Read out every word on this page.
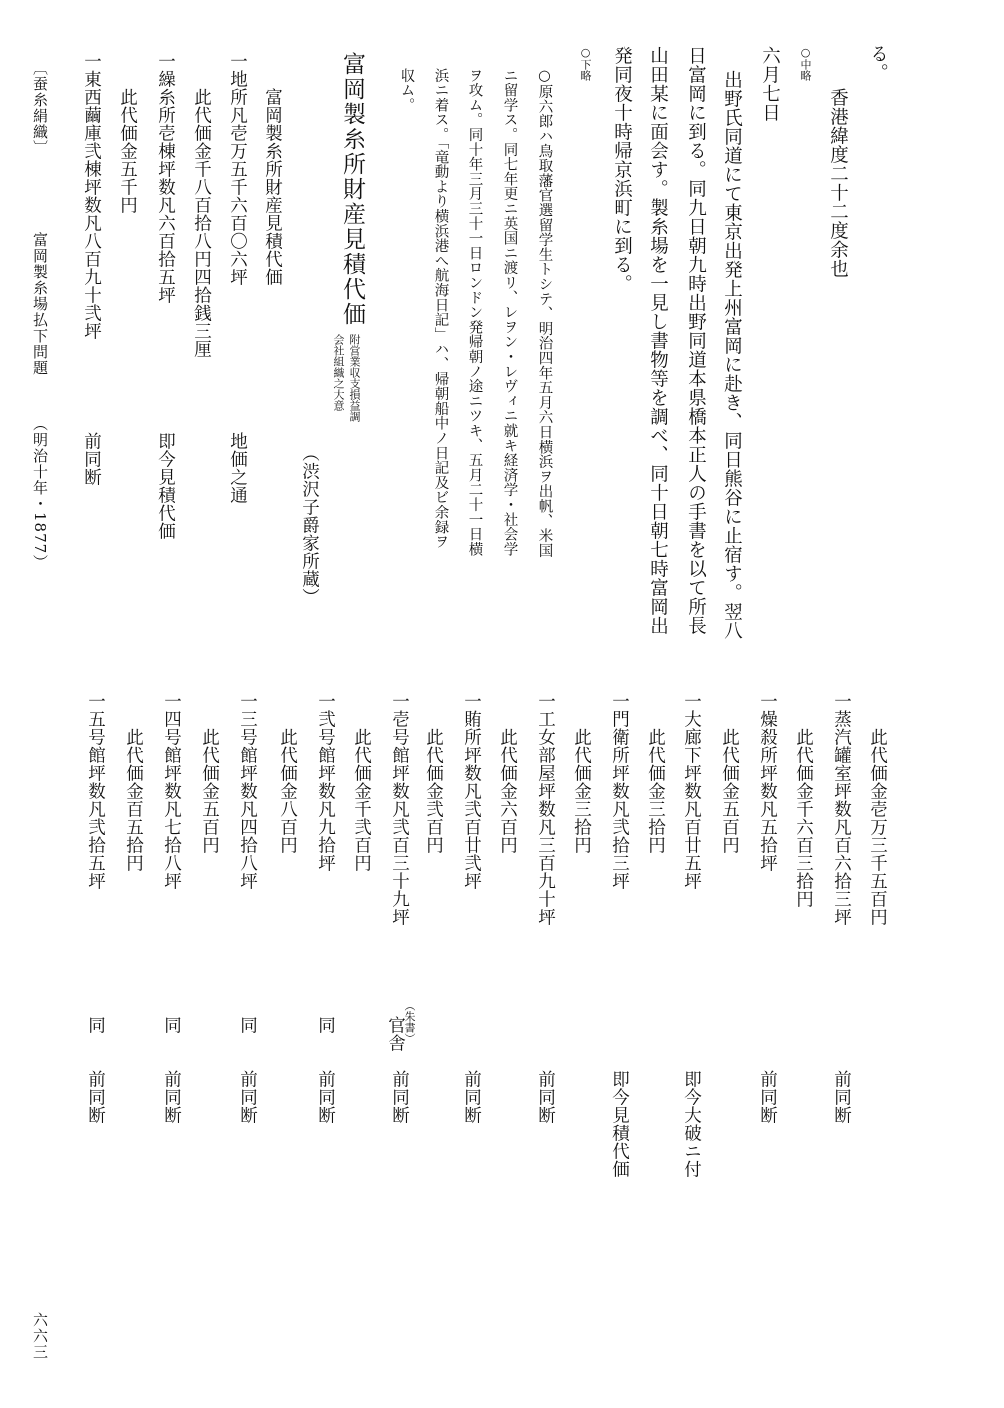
る。
香港緯度二十二度余也
○中略
六月七日
出野氏同道にて東京出発上州富岡に赴き、同日熊谷に止宿す。翌八
日富岡に到る。同九日朝九時出野同道本県橋本正人の手書を以て所長
山田某に面会す。製糸場を一見し書物等を調べ、同十日朝七時富岡出
発同夜十時帰京浜町に到る。
○下略
○原六郎ハ鳥取藩官選留学生トシテ、明治四年五月六日横浜ヲ出帆、米国
ニ留学ス。同七年更ニ英国ニ渡リ、レヲン・レヴィニ就キ経済学・社会学
ヲ攻ム。同十年三月三十一日ロンドン発帰朝ノ途ニツキ、五月二十一日横
浜ニ着ス。「竜動より横浜港へ航海日記」ハ、帰朝船中ノ日記及ビ余録ヲ
収ム。
富岡製糸所財産見積代価
附営業収支損益調
会社組織之大意
（渋沢子爵家所蔵）
富岡製糸所財産見積代価
一地所凡壱万五千六百〇六坪
地価之通
此代価金千八百拾八円四拾銭三厘
一繰糸所壱棟坪数凡六百拾五坪
即今見積代価
此代価金五千円
一東西繭庫弐棟坪数凡八百九十弐坪
前同断
此代価金壱万三千五百円
一蒸汽罐室坪数凡百六拾三坪
前同断
此代価金千六百三拾円
一燥殺所坪数凡五拾坪
前同断
此代価金五百円
一大廊下坪数凡百廿五坪
即今大破ニ付
此代価金三拾円
一門衛所坪数凡弐拾三坪
即今見積代価
此代価金三拾円
一工女部屋坪数凡三百九十坪
前同断
此代価金六百円
一賄所坪数凡弐百廿弐坪
前同断
此代価金弐百円
一壱号館坪数凡弐百三十九坪
（朱書）
官舎
前同断
此代価金千弐百円
一弐号館坪数凡九拾坪
同
前同断
此代価金八百円
一三号館坪数凡四拾八坪
同
前同断
此代価金五百円
一四号館坪数凡七拾八坪
同
前同断
此代価金百五拾円
一五号館坪数凡弐拾五坪
同
前同断
〔蚕糸絹織〕
富岡製糸場払下問題
（明治十年・1877）
六六三
